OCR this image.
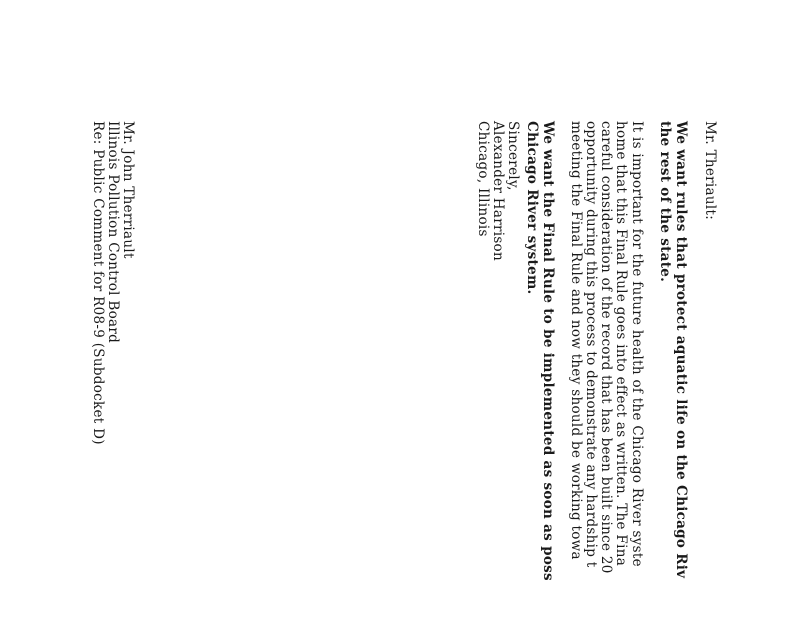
Mr. Theriault:
We want rules that protect aquatic life on the Chicago Riv
the rest of the state.
It is important for the future health of the Chicago River syste
home that this Final Rule goes into effect as written. The Fina
careful consideration of the record that has been built since 20
opportunity during this process to demonstrate any hardship t
meeting the Final Rule and now they should be working towa
We want the Final Rule to be implemented as soon as poss
Chicago River system.
Sincerely,
Alexander Harrison
Chicago, Illinois
Mr. John Therriault
Illinois Pollution Control Board
Re: Public Comment for R08-9 (Subdocket D)
